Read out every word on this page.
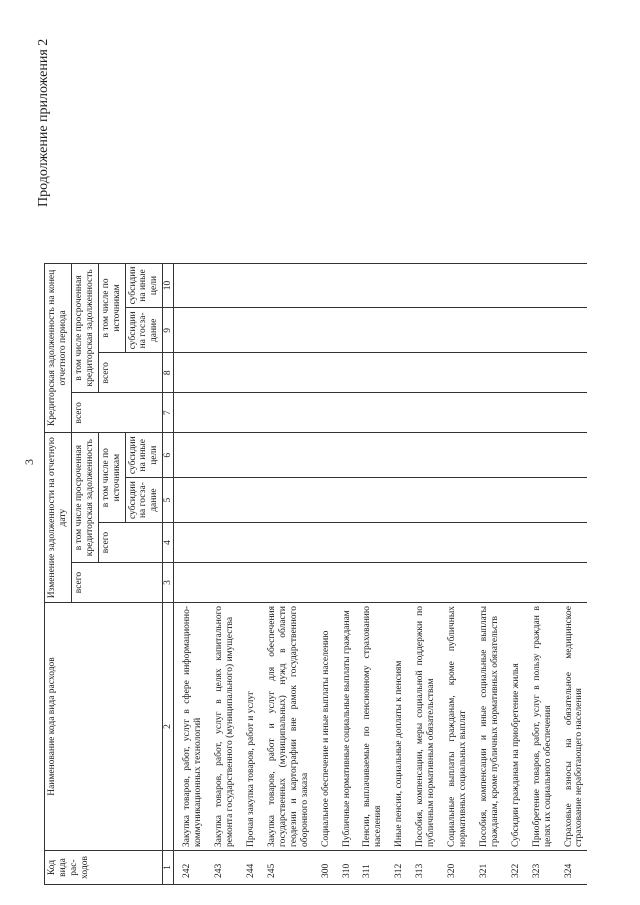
3
Продолжение приложения 2
Код вида рас-ходов	Наименование кода вида расходов	Изменение задолженности на отчетную дату				Кредиторская задолженность на конец отчетного периода			
		всего	в том числе просроченная кредиторская задолженность			всего	в том числе просроченная кредиторская задолженность		
			всего	в том числе по источникам			всего	в том числе по источникам	
				субсидии на госза-дание	субсидии на иные цели			субсидии на госза-дание	субсидии на иные цели

1	2	3	4	5	6	7	8	9	10
242	Закупка товаров, работ, услуг в сфере информационно-коммуникационных технологий								
243	Закупка товаров, работ, услуг в целях капитального ремонта государственного (муниципального) имущества								
244	Прочая закупка товаров, работ и услуг								
245	Закупка товаров, работ и услуг для обеспечения государственных (муниципальных) нужд в области геодезии и картографии вне рамок государственного оборонного заказа								
300	Социальное обеспечение и иные выплаты населению								
310	Публичные нормативные социальные выплаты гражданам								
311	Пенсии, выплачиваемые по пенсионному страхованию населения								
312	Иные пенсии, социальные доплаты к пенсиям								
313	Пособия, компенсации, меры социальной поддержки по публичным нормативным обязательствам								
320	Социальные выплаты гражданам, кроме публичных нормативных социальных выплат								
321	Пособия, компенсации и иные социальные выплаты гражданам, кроме публичных нормативных обязательств								
322	Субсидии гражданам на приобретение жилья								
323	Приобретение товаров, работ, услуг в пользу граждан в целях их социального обеспечения								
324	Страховые взносы на обязательное медицинское страхование неработающего населения								
